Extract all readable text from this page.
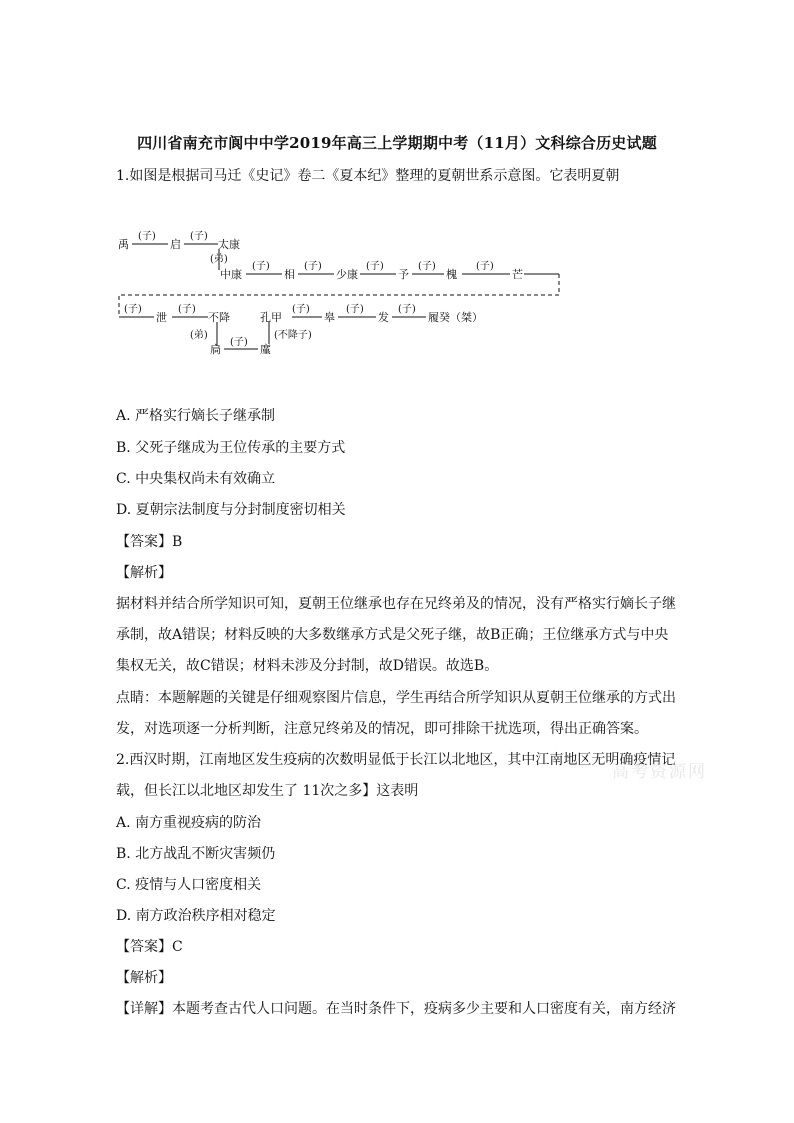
四川省南充市阆中中学2019年高三上学期期中考（11月）文科综合历史试题
1.如图是根据司马迁《史记》卷二《夏本纪》整理的夏朝世系示意图。它表明夏朝
(子)	(子)
(弟)
(子)	(子)	(子)	(子)	(子)
(子)	(子)
(弟)
(子)
(不降子)
(子)	(子)	(子)
禹	启	太康
中康	相	少康	予	槐	芒
泄	不降
扃	廑
孔甲	皋	发	履癸（桀）
A. 严格实行嫡长子继承制
B. 父死子继成为王位传承的主要方式
C. 中央集权尚未有效确立
D. 夏朝宗法制度与分封制度密切相关
【答案】B
【解析】
据材料并结合所学知识可知，夏朝王位继承也存在兄终弟及的情况，没有严格实行嫡长子继
承制，故A错误；材料反映的大多数继承方式是父死子继，故B正确；王位继承方式与中央
集权无关，故C错误；材料未涉及分封制，故D错误。故选B。
点睛：本题解题的关键是仔细观察图片信息，学生再结合所学知识从夏朝王位继承的方式出
发，对选项逐一分析判断，注意兄终弟及的情况，即可排除干扰选项，得出正确答案。
2.西汉时期，江南地区发生疫病的次数明显低于长江以北地区，其中江南地区无明确疫情记
载，但长江以北地区却发生了 11次之多】这表明
A. 南方重视疫病的防治
B. 北方战乱不断灾害频仍
C. 疫情与人口密度相关
D. 南方政治秩序相对稳定
【答案】C
【解析】
【详解】本题考查古代人口问题。在当时条件下，疫病多少主要和人口密度有关，南方经济
高考资源网
